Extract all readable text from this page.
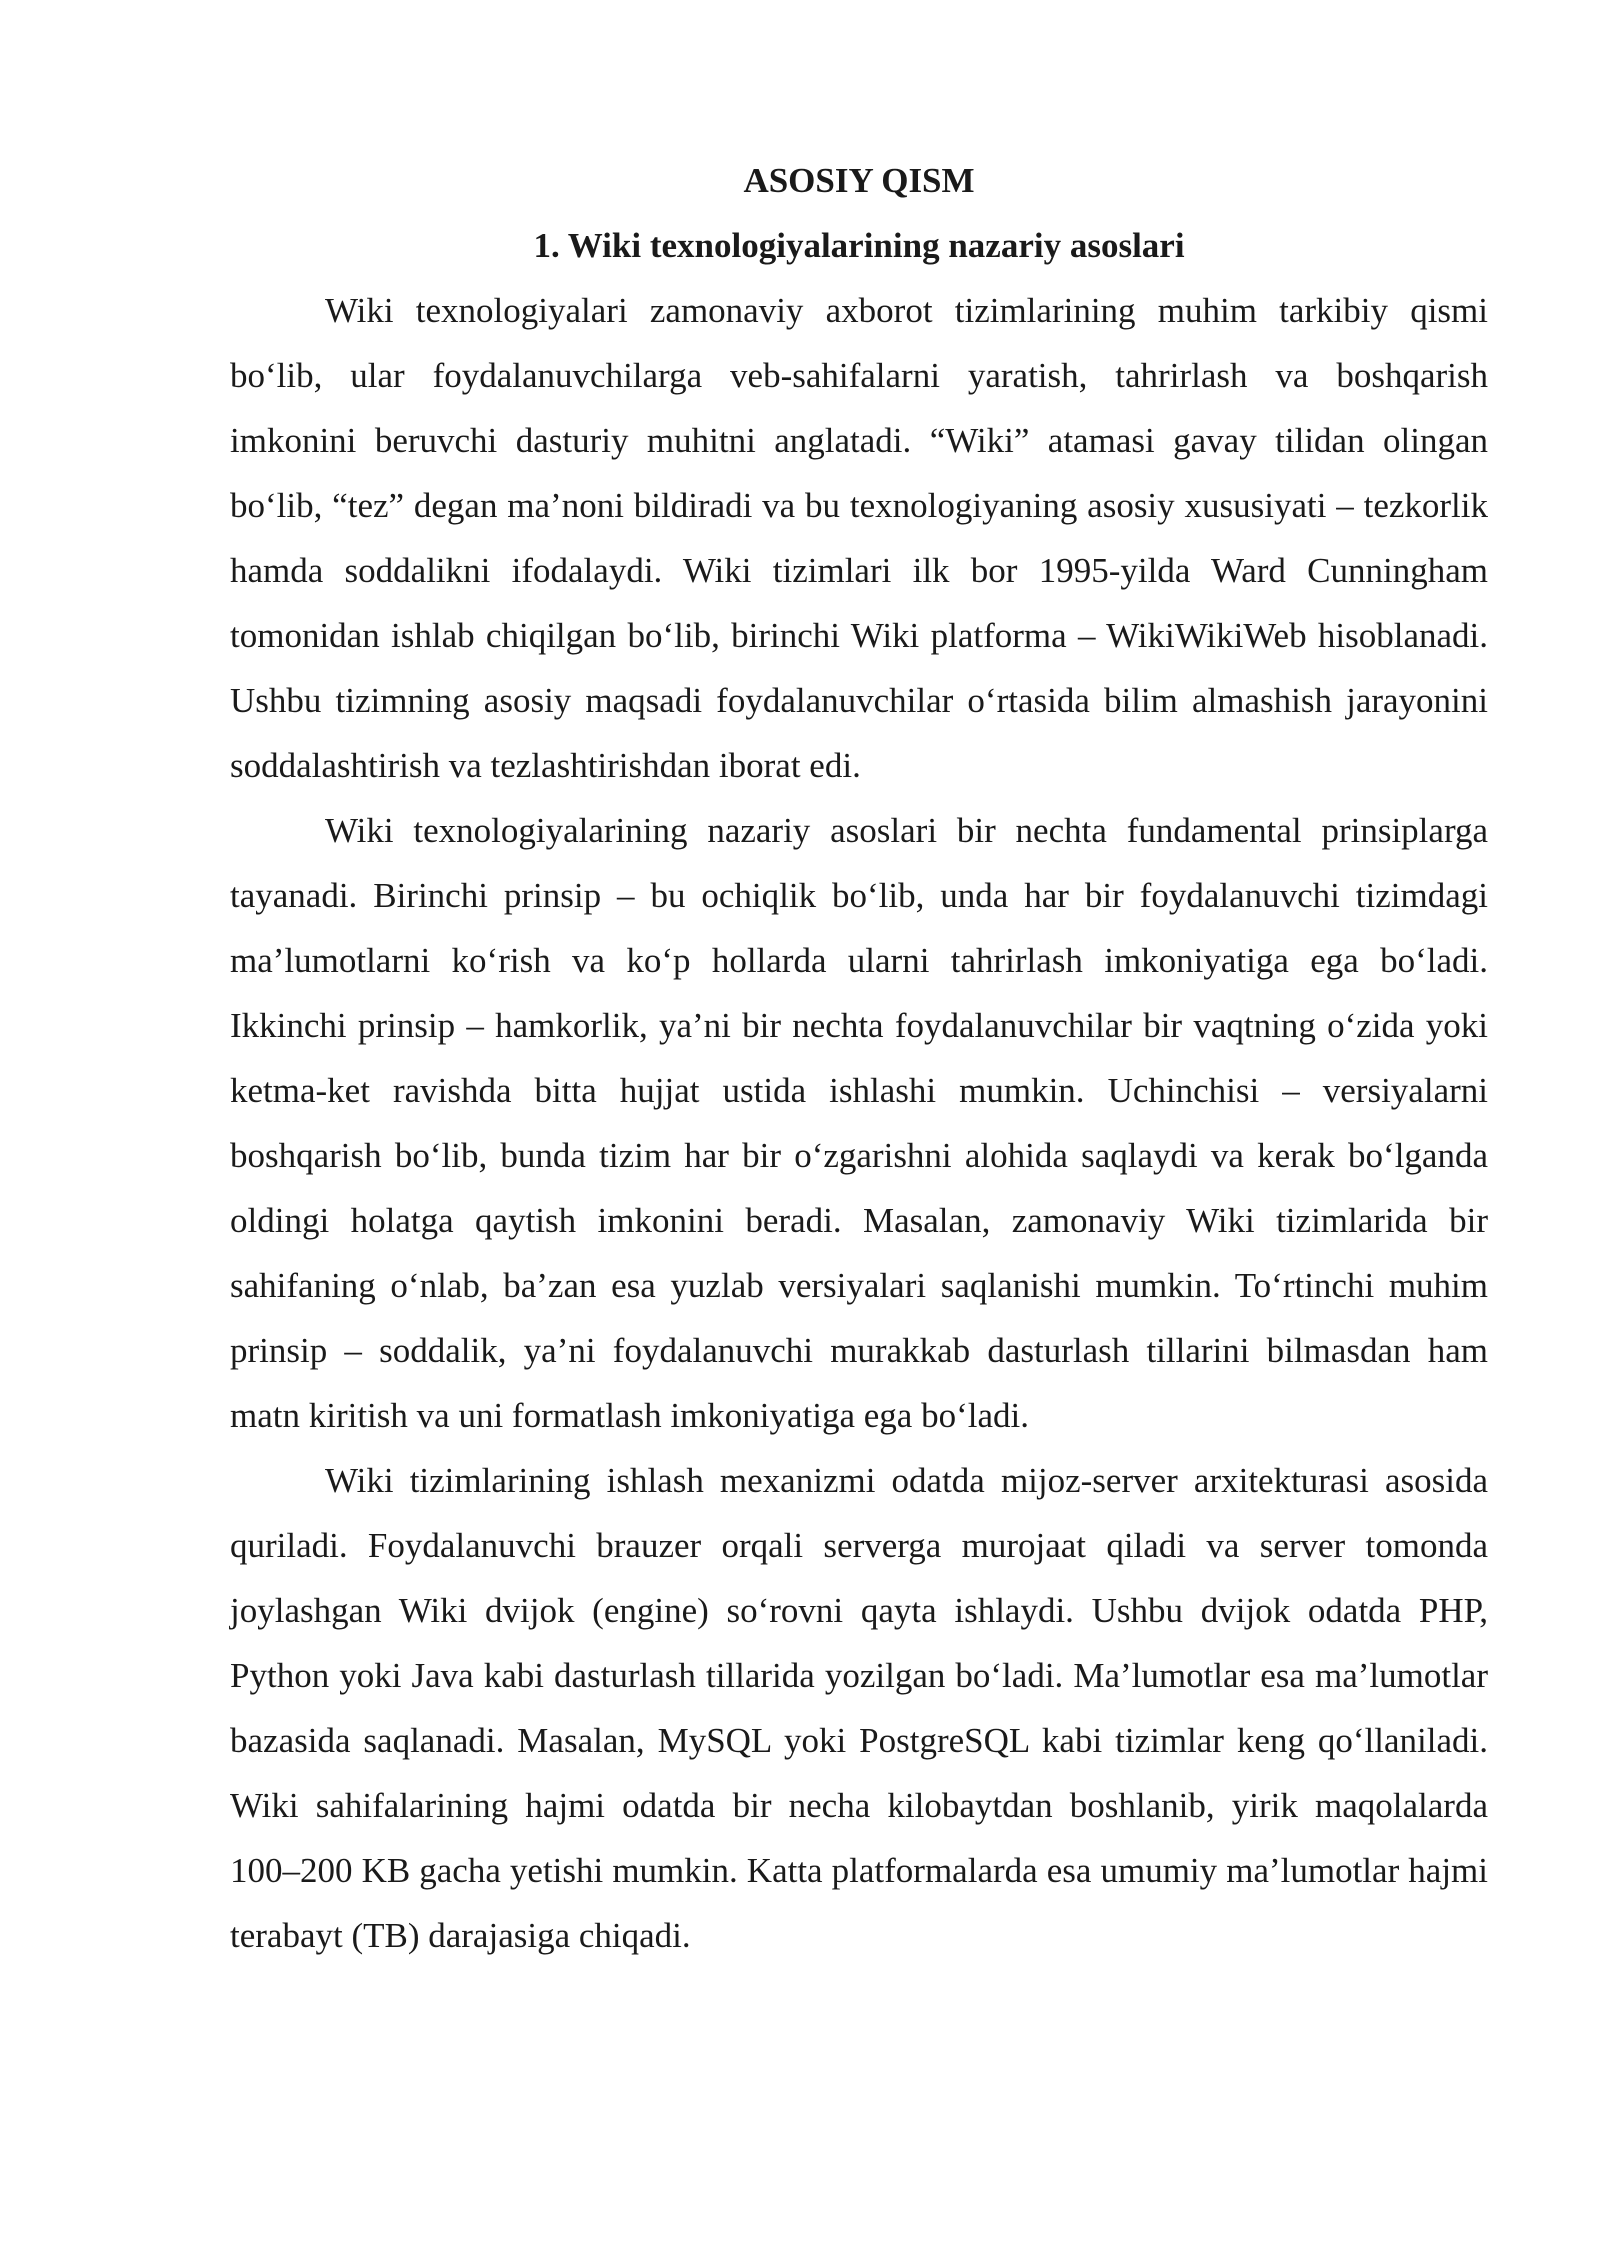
ASOSIY QISM
1. Wiki texnologiyalarining nazariy asoslari

Wiki texnologiyalari zamonaviy axborot tizimlarining muhim tarkibiy qismi bo‘lib, ular foydalanuvchilarga veb-sahifalarni yaratish, tahrirlash va boshqarish imkonini beruvchi dasturiy muhitni anglatadi. “Wiki” atamasi gavay tilidan olingan bo‘lib, “tez” degan ma’noni bildiradi va bu texnologiyaning asosiy xususiyati – tezkorlik hamda soddalikni ifodalaydi. Wiki tizimlari ilk bor 1995-yilda Ward Cunningham tomonidan ishlab chiqilgan bo‘lib, birinchi Wiki platforma – WikiWikiWeb hisoblanadi. Ushbu tizimning asosiy maqsadi foydalanuvchilar o‘rtasida bilim almashish jarayonini soddalashtirish va tezlashtirishdan iborat edi.

Wiki texnologiyalarining nazariy asoslari bir nechta fundamental prinsiplarga tayanadi. Birinchi prinsip – bu ochiqlik bo‘lib, unda har bir foydalanuvchi tizimdagi ma’lumotlarni ko‘rish va ko‘p hollarda ularni tahrirlash imkoniyatiga ega bo‘ladi. Ikkinchi prinsip – hamkorlik, ya’ni bir nechta foydalanuvchilar bir vaqtning o‘zida yoki ketma-ket ravishda bitta hujjat ustida ishlashi mumkin. Uchinchisi – versiyalarni boshqarish bo‘lib, bunda tizim har bir o‘zgarishni alohida saqlaydi va kerak bo‘lganda oldingi holatga qaytish imkonini beradi. Masalan, zamonaviy Wiki tizimlarida bir sahifaning o‘nlab, ba’zan esa yuzlab versiyalari saqlanishi mumkin. To‘rtinchi muhim prinsip – soddalik, ya’ni foydalanuvchi murakkab dasturlash tillarini bilmasdan ham matn kiritish va uni formatlash imkoniyatiga ega bo‘ladi.

Wiki tizimlarining ishlash mexanizmi odatda mijoz-server arxitekturasi asosida quriladi. Foydalanuvchi brauzer orqali serverga murojaat qiladi va server tomonda joylashgan Wiki dvijok (engine) so‘rovni qayta ishlaydi. Ushbu dvijok odatda PHP, Python yoki Java kabi dasturlash tillarida yozilgan bo‘ladi. Ma’lumotlar esa ma’lumotlar bazasida saqlanadi. Masalan, MySQL yoki PostgreSQL kabi tizimlar keng qo‘llaniladi. Wiki sahifalarining hajmi odatda bir necha kilobaytdan boshlanib, yirik maqolalarda 100–200 KB gacha yetishi mumkin. Katta platformalarda esa umumiy ma’lumotlar hajmi terabayt (TB) darajasiga chiqadi.
